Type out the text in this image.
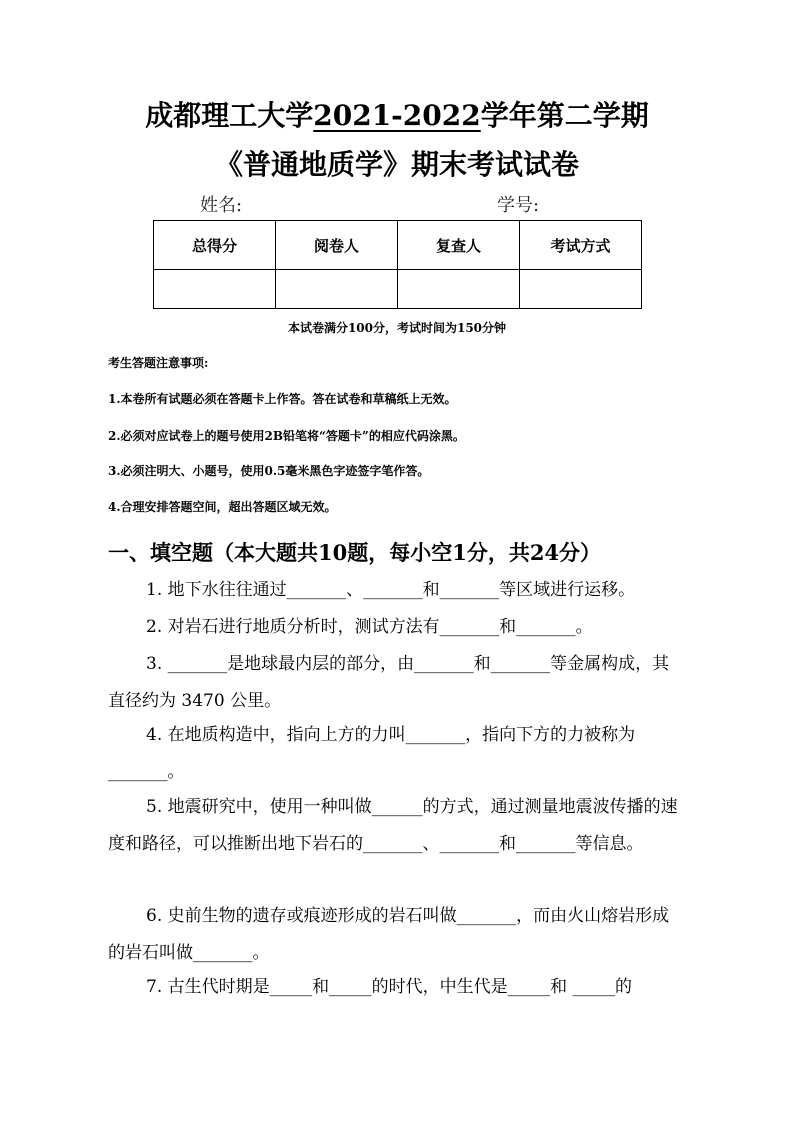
成都理工大学2021-2022学年第二学期
《普通地质学》期末考试试卷
姓名:	学号:
总得分	阅卷人	复查人	考试方式

本试卷满分100分，考试时间为150分钟
考生答题注意事项:
1.本卷所有试题必须在答题卡上作答。答在试卷和草稿纸上无效。
2.必须对应试卷上的题号使用2B铅笔将“答题卡”的相应代码涂黑。
3.必须注明大、小题号，使用0.5毫米黑色字迹签字笔作答。
4.合理安排答题空间，超出答题区域无效。
一、填空题（本大题共10题，每小空1分，共24分）
1. 地下水往往通过_______、_______和_______等区域进行运移。
2. 对岩石进行地质分析时，测试方法有_______和_______。
3. _______是地球最内层的部分，由_______和_______等金属构成，其直径约为 3470 公里。
4. 在地质构造中，指向上方的力叫_______，指向下方的力被称为_______。
5. 地震研究中，使用一种叫做______的方式，通过测量地震波传播的速度和路径，可以推断出地下岩石的_______、_______和_______等信息。
6. 史前生物的遗存或痕迹形成的岩石叫做_______，而由火山熔岩形成的岩石叫做_______。
7. 古生代时期是_____和_____的时代，中生代是_____和 _____的
